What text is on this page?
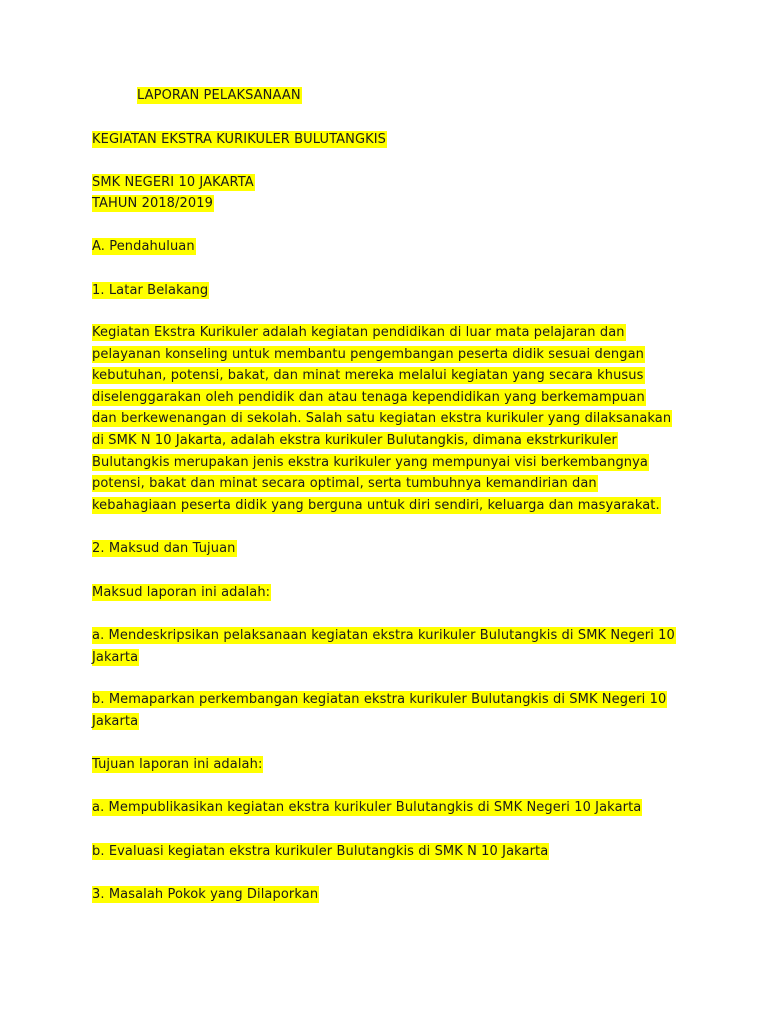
LAPORAN PELAKSANAAN
KEGIATAN EKSTRA KURIKULER BULUTANGKIS
SMK NEGERI 10 JAKARTA
TAHUN 2018/2019
A. Pendahuluan
1. Latar Belakang
Kegiatan Ekstra Kurikuler adalah kegiatan pendidikan di luar mata pelajaran dan
pelayanan konseling untuk membantu pengembangan peserta didik sesuai dengan
kebutuhan, potensi, bakat, dan minat mereka melalui kegiatan yang secara khusus
diselenggarakan oleh pendidik dan atau tenaga kependidikan yang berkemampuan
dan berkewenangan di sekolah. Salah satu kegiatan ekstra kurikuler yang dilaksanakan
di SMK N 10 Jakarta, adalah ekstra kurikuler Bulutangkis, dimana ekstrkurikuler
Bulutangkis merupakan jenis ekstra kurikuler yang mempunyai visi berkembangnya
potensi, bakat dan minat secara optimal, serta tumbuhnya kemandirian dan
kebahagiaan peserta didik yang berguna untuk diri sendiri, keluarga dan masyarakat.
2. Maksud dan Tujuan
Maksud laporan ini adalah:
a. Mendeskripsikan pelaksanaan kegiatan ekstra kurikuler Bulutangkis di SMK Negeri 10
Jakarta
b. Memaparkan perkembangan kegiatan ekstra kurikuler Bulutangkis di SMK Negeri 10
Jakarta
Tujuan laporan ini adalah:
a. Mempublikasikan kegiatan ekstra kurikuler Bulutangkis di SMK Negeri 10 Jakarta
b. Evaluasi kegiatan ekstra kurikuler Bulutangkis di SMK N 10 Jakarta
3. Masalah Pokok yang Dilaporkan
